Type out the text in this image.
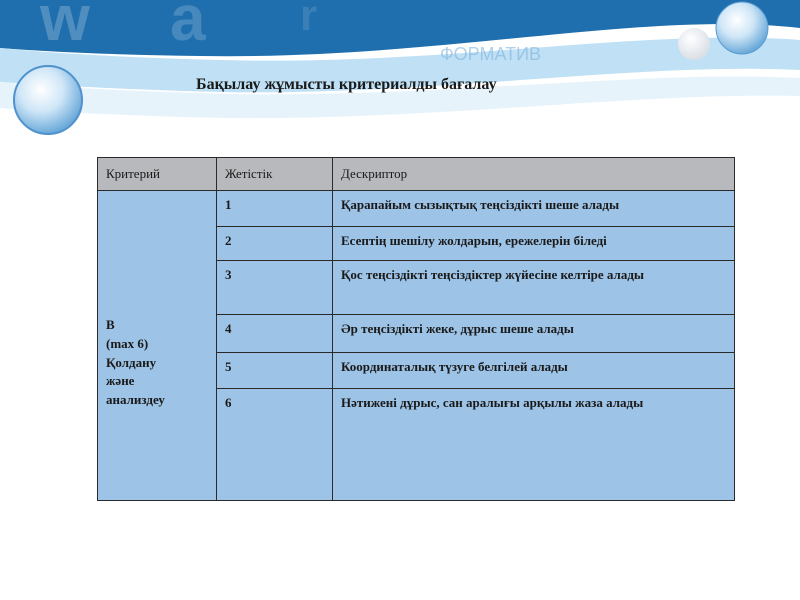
w a r
ФОРМАТИВ
Бақылау жұмысты критериалды бағалау
Критерий	Жетістік	Дескриптор

В
(max 6)
Қолдану
жәнe
анализдеу	1	Қарапайым сызықтық теңсіздікті шеше алады
	2	Есептің шешілу жолдарын, ережелерін біледі
	3	Қос теңсіздікті теңсіздіктер жүйесіне келтіре алады
	4	Әр теңсіздікті жеке, дұрыс шеше алады
	5	Координаталық түзуге белгілей алады
	6	Нәтижені дұрыс, сан аралығы арқылы жаза алады
